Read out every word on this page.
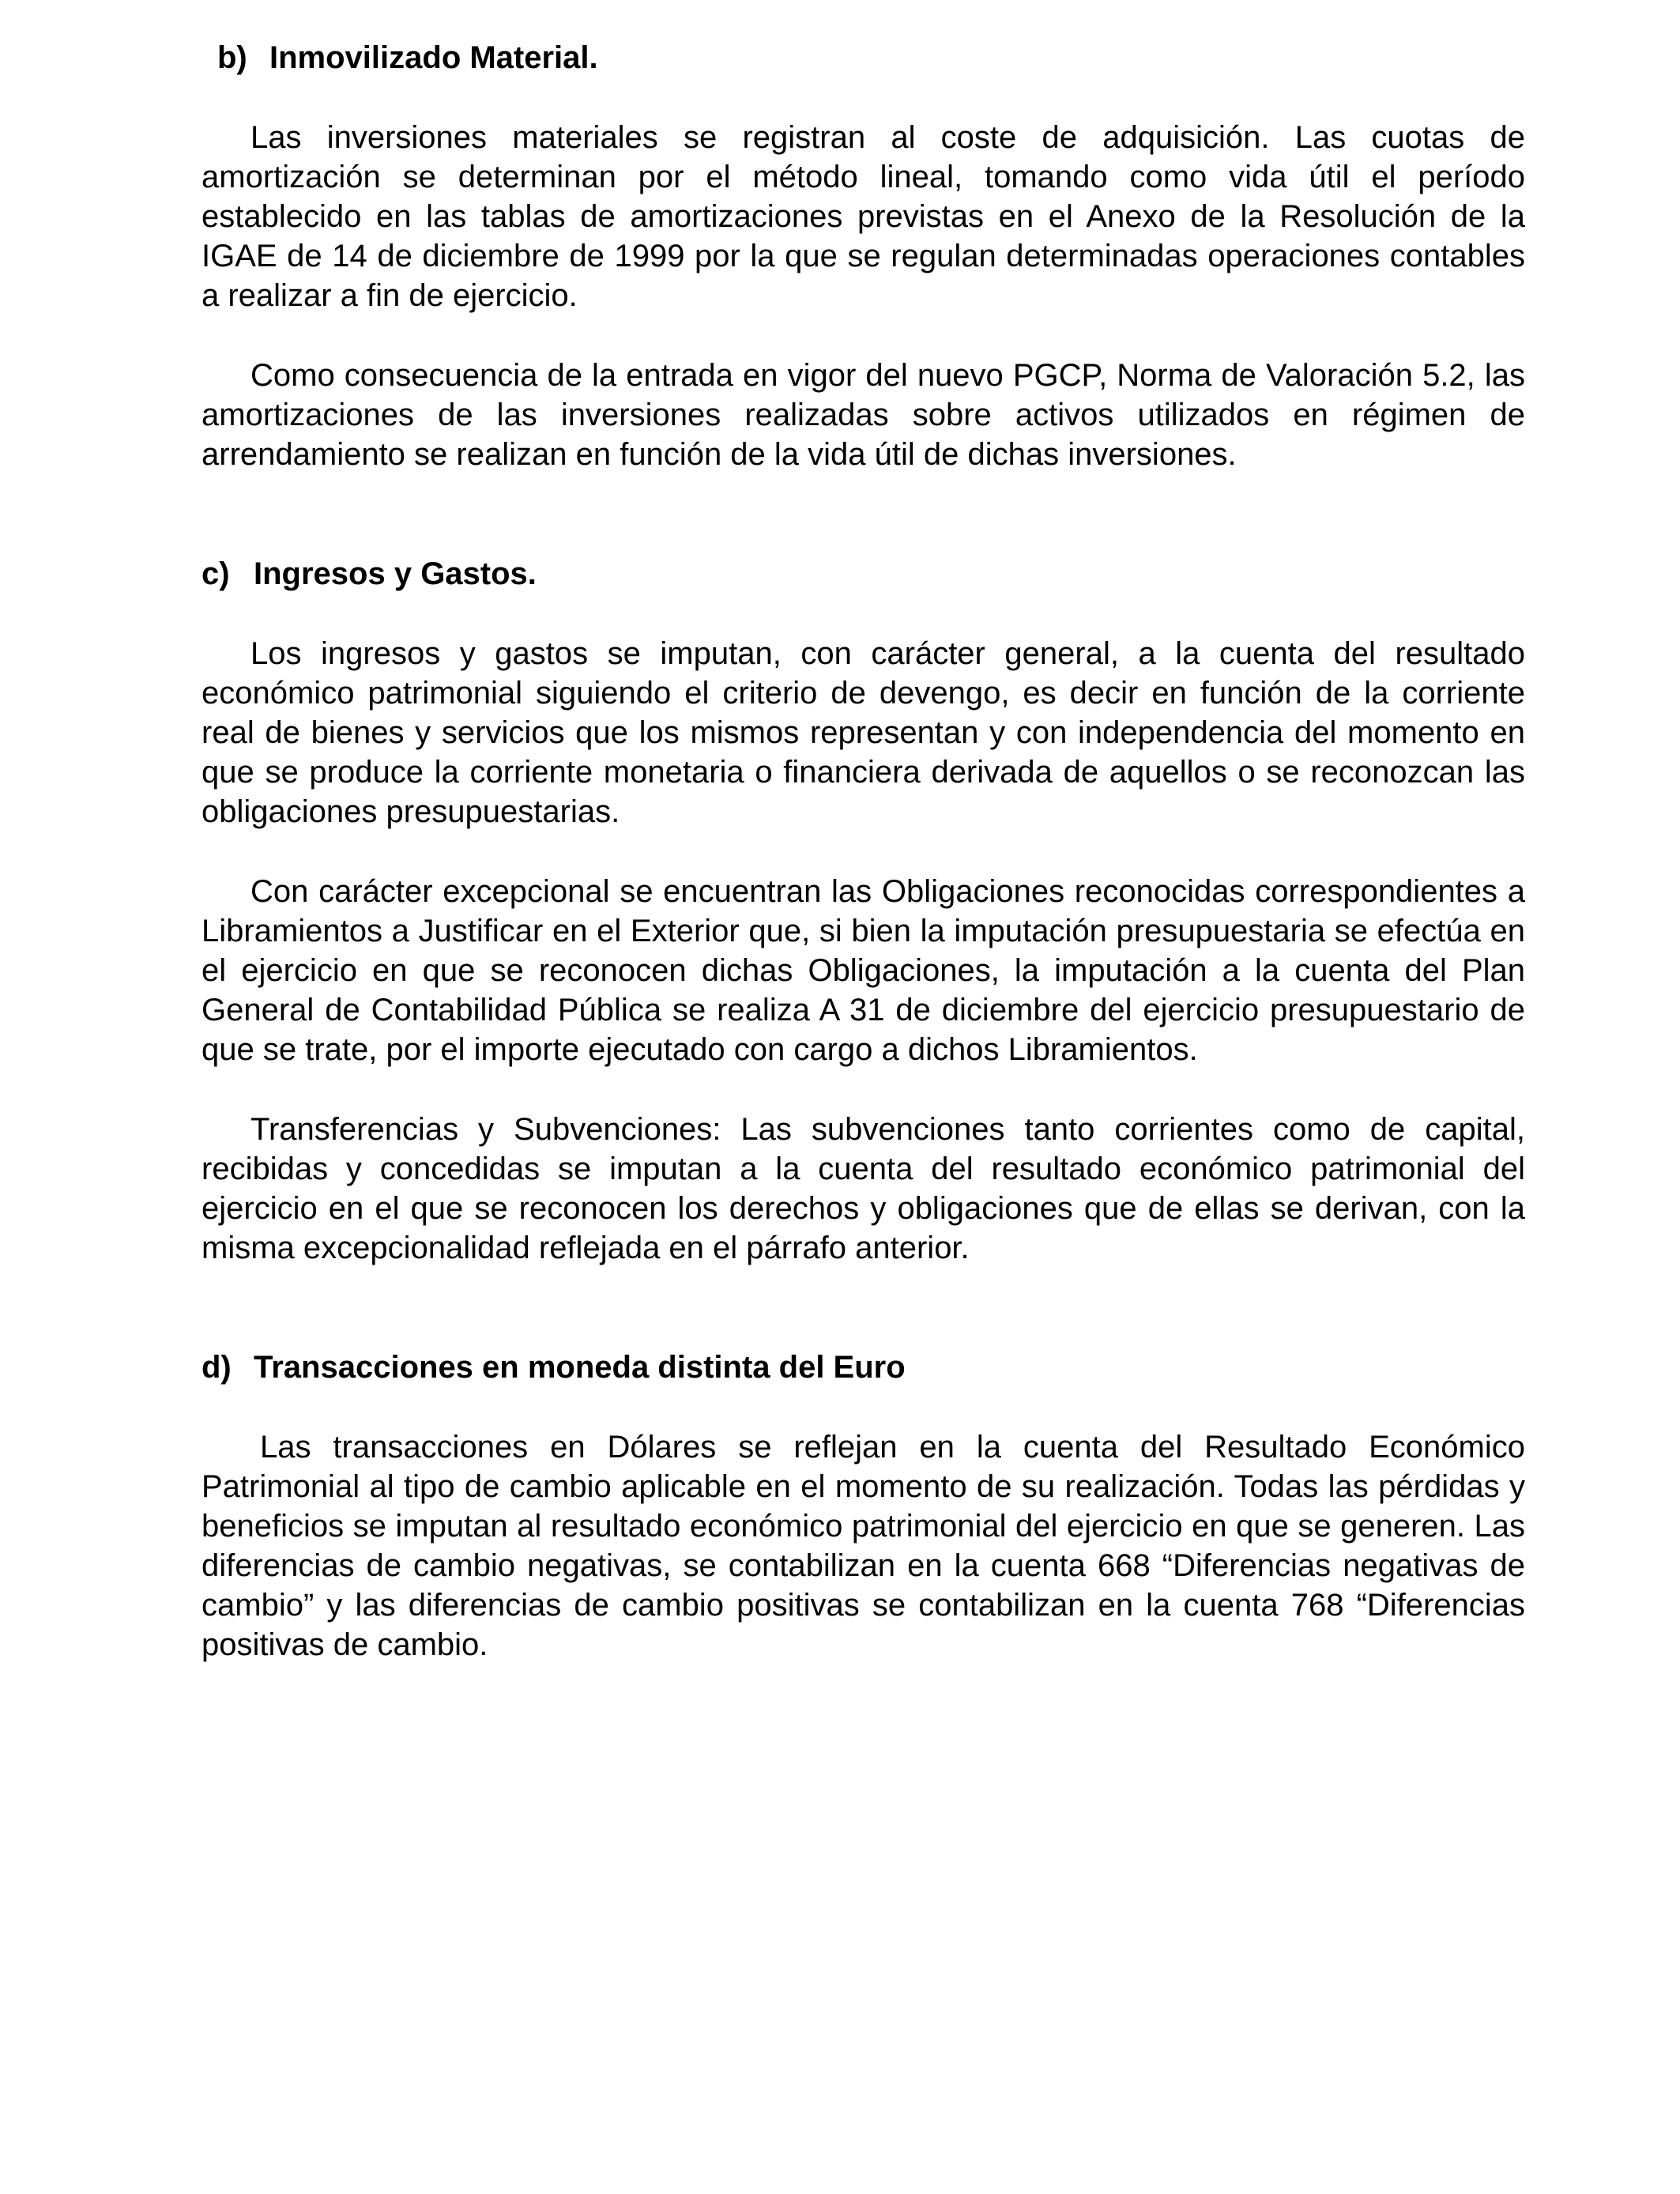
b) Inmovilizado Material.

Las inversiones materiales se registran al coste de adquisición. Las cuotas de amortización se determinan por el método lineal, tomando como vida útil el período establecido en las tablas de amortizaciones previstas en el Anexo de la Resolución de la IGAE de 14 de diciembre de 1999 por la que se regulan determinadas operaciones contables a realizar a fin de ejercicio.

Como consecuencia de la entrada en vigor del nuevo PGCP, Norma de Valoración 5.2, las amortizaciones de las inversiones realizadas sobre activos utilizados en régimen de arrendamiento se realizan en función de la vida útil de dichas inversiones.

c) Ingresos y Gastos.

Los ingresos y gastos se imputan, con carácter general, a la cuenta del resultado económico patrimonial siguiendo el criterio de devengo, es decir en función de la corriente real de bienes y servicios que los mismos representan y con independencia del momento en que se produce la corriente monetaria o financiera derivada de aquellos o se reconozcan las obligaciones presupuestarias.

Con carácter excepcional se encuentran las Obligaciones reconocidas correspondientes a Libramientos a Justificar en el Exterior que, si bien la imputación presupuestaria se efectúa en el ejercicio en que se reconocen dichas Obligaciones, la imputación a la cuenta del Plan General de Contabilidad Pública se realiza A 31 de diciembre del ejercicio presupuestario de que se trate, por el importe ejecutado con cargo a dichos Libramientos.

Transferencias y Subvenciones: Las subvenciones tanto corrientes como de capital, recibidas y concedidas se imputan a la cuenta del resultado económico patrimonial del ejercicio en el que se reconocen los derechos y obligaciones que de ellas se derivan, con la misma excepcionalidad reflejada en el párrafo anterior.

d) Transacciones en moneda distinta del Euro

Las transacciones en Dólares se reflejan en la cuenta del Resultado Económico Patrimonial al tipo de cambio aplicable en el momento de su realización. Todas las pérdidas y beneficios se imputan al resultado económico patrimonial del ejercicio en que se generen. Las diferencias de cambio negativas, se contabilizan en la cuenta 668 “Diferencias negativas de cambio” y las diferencias de cambio positivas se contabilizan en la cuenta 768 “Diferencias positivas de cambio.
